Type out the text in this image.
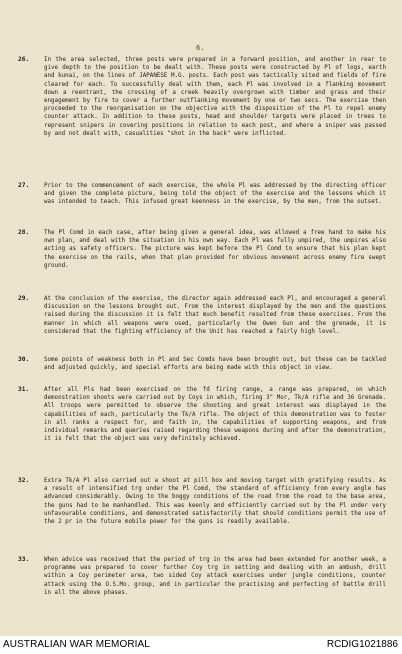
6.
26.	In the area selected, three posts were prepared in a forward position, and another in rear to give depth to the position to be dealt with. These posts were constructed by Pl of logs, earth and kunai, on the lines of JAPANESE M.G. posts. Each post was tactically sited and fields of fire cleared for each. To successfully deal with them, each Pl was involved in a flanking movement down a reentrant, the crossing of a creek heavily overgrown with timber and grass and their engagement by fire to cover a further outflanking movement by one or two secs. The exercise then proceeded to the reorganisation on the objective with the disposition of the Pl to repel enemy counter attack. In addition to these posts, head and shoulder targets were placed in trees to represent snipers in covering positions in relation to each post, and where a sniper was passed by and not dealt with, casualities "shot in the back" were inflicted.
27.	Prior to the commencement of each exercise, the whole Pl was addressed by the directing officer and given the complete picture, being told the object of the exercise and the lessons which it was intended to teach. This infused great keenness in the exercise, by the men, from the outset.
28.	The Pl Comd in each case, after being given a general idea, was allowed a free hand to make his own plan, and deal with the situation in his own way. Each Pl was fully umpired, the umpires also acting as safety officers. The picture was kept before the Pl Comd to ensure that his plan kept the exercise on the rails, when that plan provided for obvious movement across enemy fire swept ground.
29.	At the conclusion of the exercise, the director again addressed each Pl, and encouraged a general discussion on the lessons brought out. From the interest displayed by the men and the questions raised during the discussion it is felt that much benefit resulted from these exercises. From the manner in which all weapons were used, particularly the Owen Gun and the grenade, it is considered that the fighting efficiency of the Unit has reached a fairly high level.
30.	Some points of weakness both in Pl and Sec Comds have been brought out, but these can be tackled and adjusted quickly, and special efforts are being made with this object in view.
31.	After all Pls had been exercised on the fd firing range, a range was prepared, on which demonstration shoots were carried out by Coys in which, firing 3" Mor, Tk/A rifle and 36 Grenade. All troops were permitted to observe the shooting and great interest was displayed in the capabilities of each, particularly the Tk/A rifle. The object of this demonstration was to foster in all ranks a respect for, and faith in, the capabilities of supporting weapons, and from individual remarks and queries raised regarding these weapons during and after the demonstration, it is felt that the object was very definitely achieved.
32.	Extra Tk/A Pl also carried out a shoot at pill box and moving target with gratifying results. As a result of intensified trg under the Pl Comd, the standard of efficiency from every angle has advanced considerably. Owing to the boggy conditions of the road from the road to the base area, the guns had to be manhandled. This was keenly and efficiently carried out by the Pl under very unfavourable conditions, and demonstrated satisfactorily that should conditions permit the use of the 2 pr in the future mobile power for the guns is readily available.
33.	When advice was received that the period of trg in the area had been extended for another week, a programme was prepared to cover further Coy trg in setting and dealing with an ambush, drill within a Coy perimeter area, two sided Coy attack exercises under jungle conditions, counter attack using the O.S.Mo. group, and in particular the practising and perfecting of battle drill in all the above phases.
AUSTRALIAN WAR MEMORIAL	RCDIG1021886
